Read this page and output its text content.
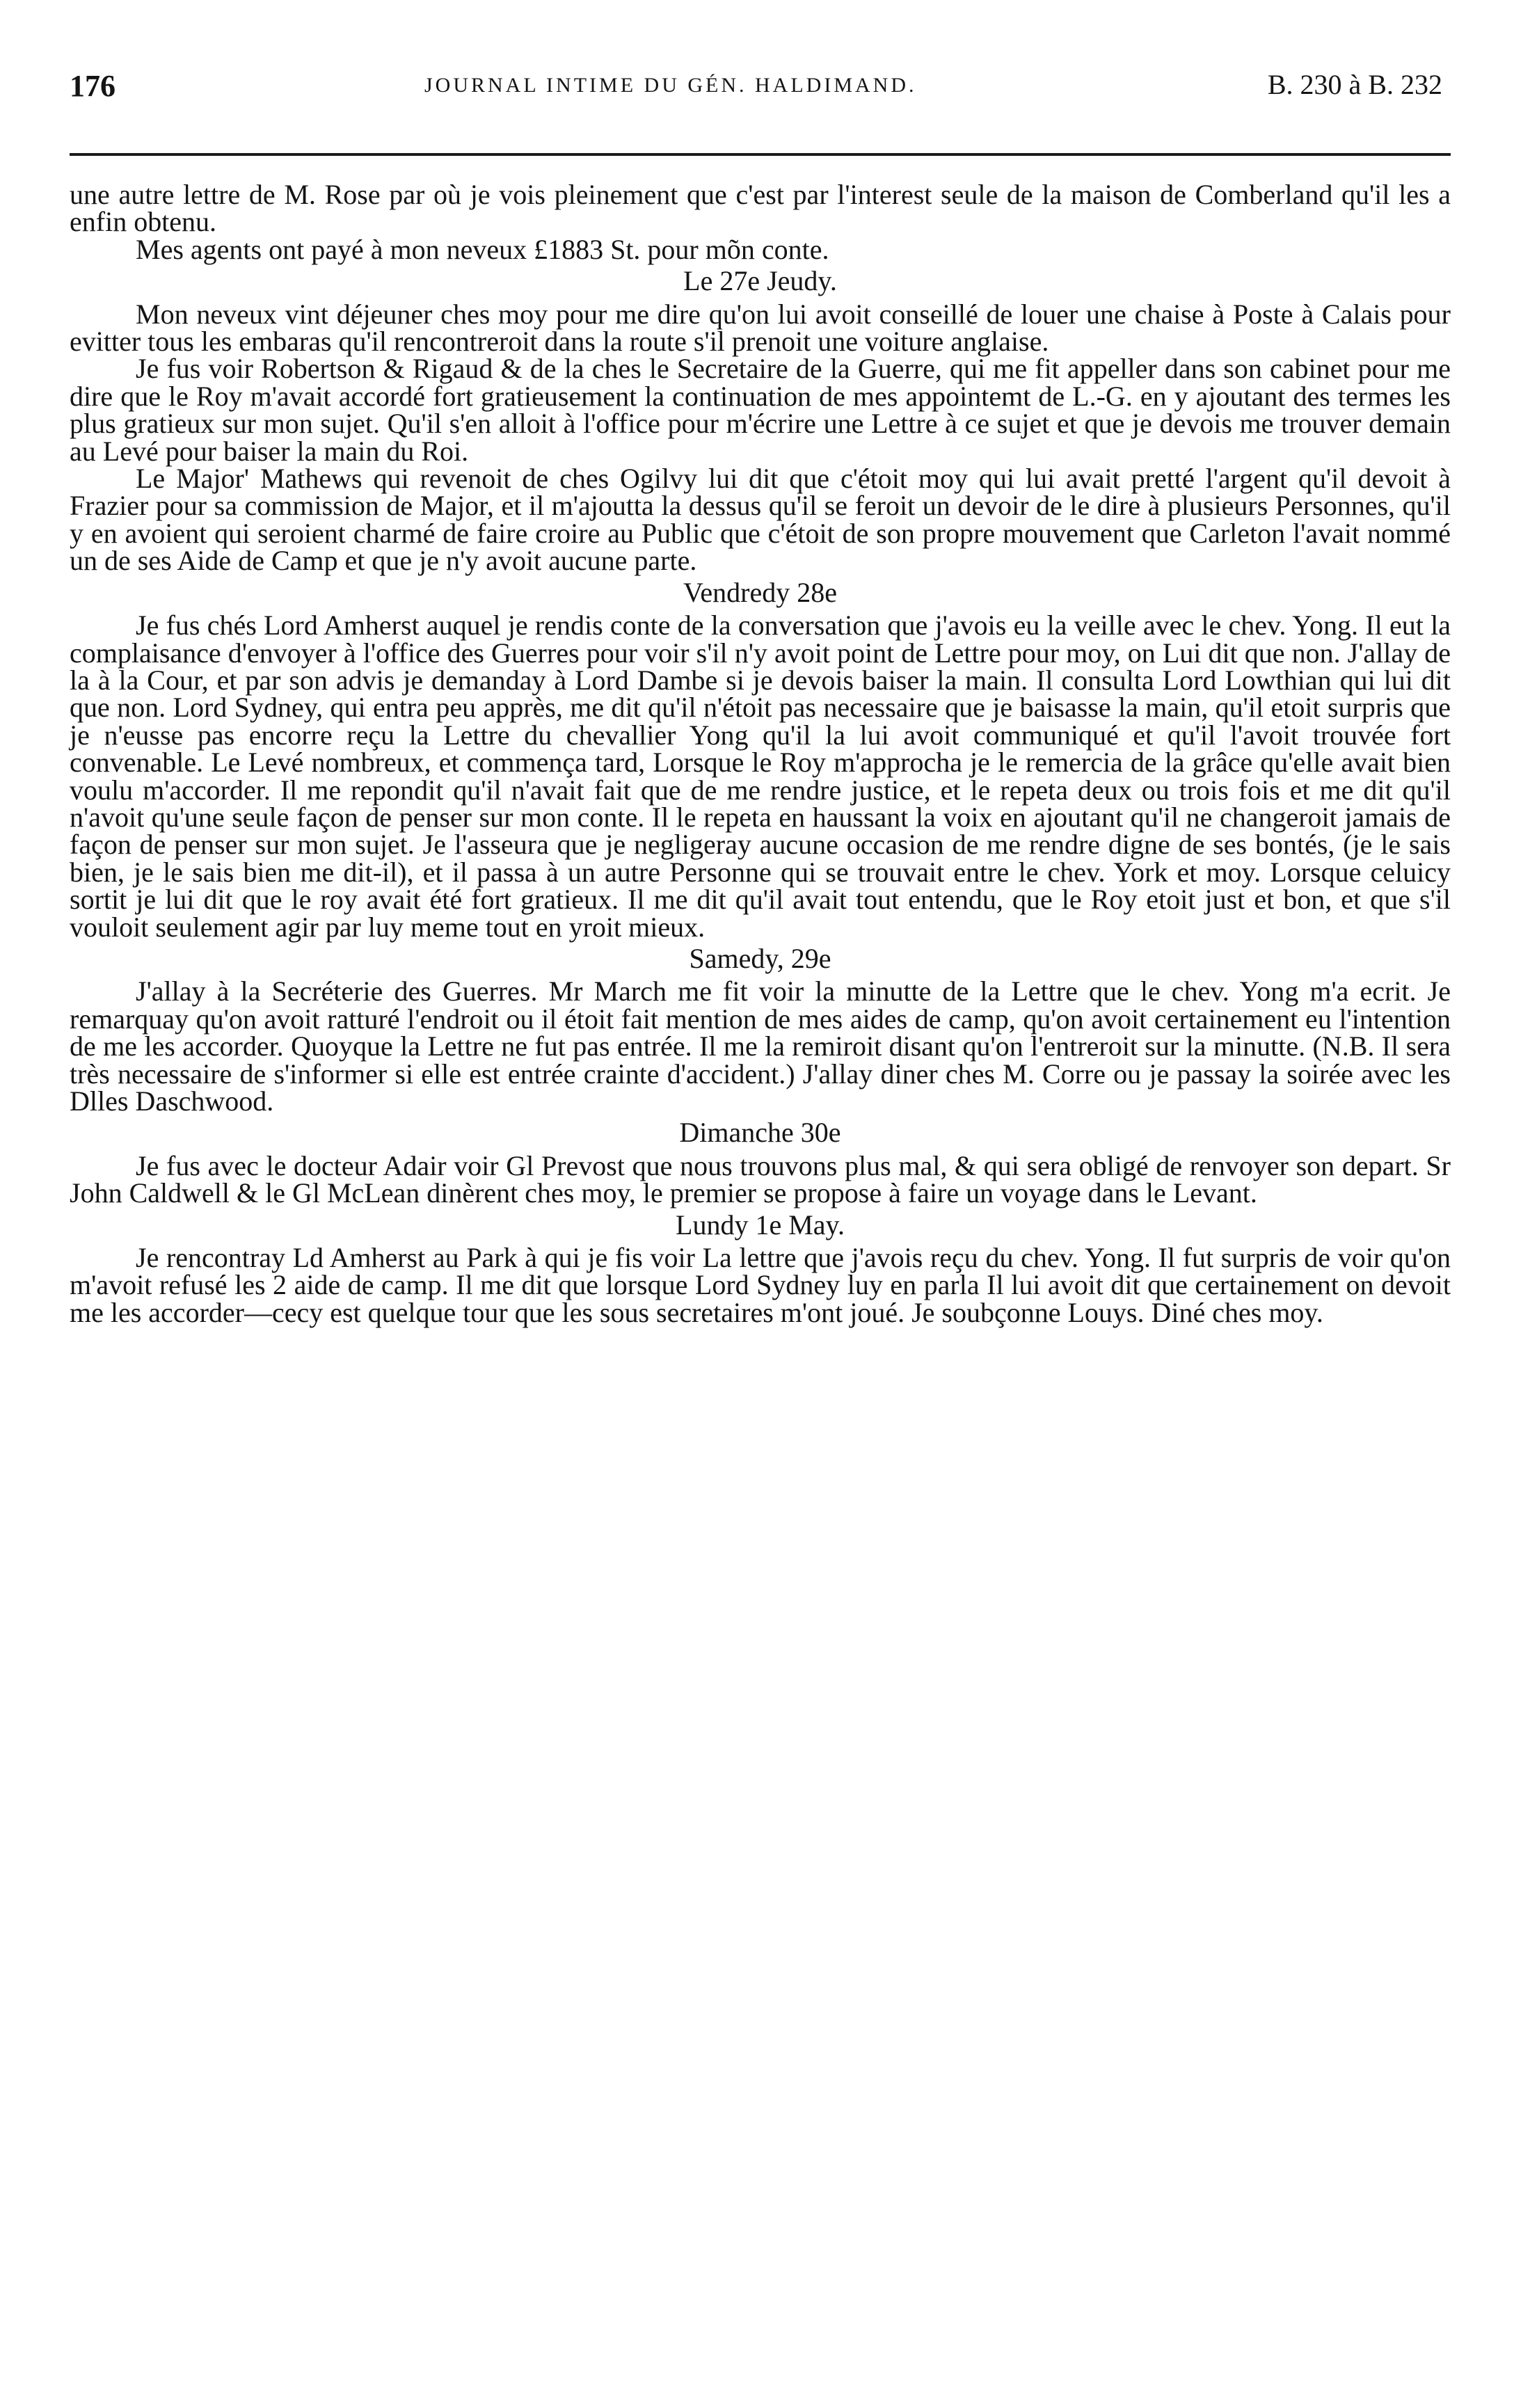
176	JOURNAL INTIME DU GÉN. HALDIMAND.	B. 230 à B. 232

une autre lettre de M. Rose par où je vois pleinement que c'est par l'interest seule de la maison de Comberland qu'il les a enfin obtenu.

Mes agents ont payé à mon neveux £1883 St. pour mõn conte.

Le 27e Jeudy.

Mon neveux vint déjeuner ches moy pour me dire qu'on lui avoit conseillé de louer une chaise à Poste à Calais pour evitter tous les embaras qu'il rencontreroit dans la route s'il prenoit une voiture anglaise.

Je fus voir Robertson & Rigaud & de la ches le Secretaire de la Guerre, qui me fit appeller dans son cabinet pour me dire que le Roy m'avait accordé fort gratieusement la continuation de mes appointemt de L.-G. en y ajoutant des termes les plus gratieux sur mon sujet. Qu'il s'en alloit à l'office pour m'écrire une Lettre à ce sujet et que je devois me trouver demain au Levé pour baiser la main du Roi.

Le Major' Mathews qui revenoit de ches Ogilvy lui dit que c'étoit moy qui lui avait pretté l'argent qu'il devoit à Frazier pour sa commission de Major, et il m'ajoutta la dessus qu'il se feroit un devoir de le dire à plusieurs Personnes, qu'il y en avoient qui seroient charmé de faire croire au Public que c'étoit de son propre mouvement que Carleton l'avait nommé un de ses Aide de Camp et que je n'y avoit aucune parte.

Vendredy 28e

Je fus chés Lord Amherst auquel je rendis conte de la conversation que j'avois eu la veille avec le chev. Yong. Il eut la complaisance d'envoyer à l'office des Guerres pour voir s'il n'y avoit point de Lettre pour moy, on Lui dit que non. J'allay de la à la Cour, et par son advis je demanday à Lord Dambe si je devois baiser la main. Il consulta Lord Lowthian qui lui dit que non. Lord Sydney, qui entra peu apprès, me dit qu'il n'étoit pas necessaire que je baisasse la main, qu'il etoit surpris que je n'eusse pas encorre reçu la Lettre du chevallier Yong qu'il la lui avoit communiqué et qu'il l'avoit trouvée fort convenable. Le Levé nombreux, et commença tard, Lorsque le Roy m'approcha je le remercia de la grâce qu'elle avait bien voulu m'accorder. Il me repondit qu'il n'avait fait que de me rendre justice, et le repeta deux ou trois fois et me dit qu'il n'avoit qu'une seule façon de penser sur mon conte. Il le repeta en haussant la voix en ajoutant qu'il ne changeroit jamais de façon de penser sur mon sujet. Je l'asseura que je negligeray aucune occasion de me rendre digne de ses bontés, (je le sais bien, je le sais bien me dit-il), et il passa à un autre Personne qui se trouvait entre le chev. York et moy. Lorsque celuicy sortit je lui dit que le roy avait été fort gratieux. Il me dit qu'il avait tout entendu, que le Roy etoit just et bon, et que s'il vouloit seulement agir par luy meme tout en yroit mieux.

Samedy, 29e

J'allay à la Secréterie des Guerres. Mr March me fit voir la minutte de la Lettre que le chev. Yong m'a ecrit. Je remarquay qu'on avoit ratturé l'endroit ou il étoit fait mention de mes aides de camp, qu'on avoit certainement eu l'intention de me les accorder. Quoyque la Lettre ne fut pas entrée. Il me la remiroit disant qu'on l'entreroit sur la minutte. (N.B. Il sera très necessaire de s'informer si elle est entrée crainte d'accident.) J'allay diner ches M. Corre ou je passay la soirée avec les Dlles Daschwood.

Dimanche 30e

Je fus avec le docteur Adair voir Gl Prevost que nous trouvons plus mal, & qui sera obligé de renvoyer son depart. Sr John Caldwell & le Gl McLean dinèrent ches moy, le premier se propose à faire un voyage dans le Levant.

Lundy 1e May.

Je rencontray Ld Amherst au Park à qui je fis voir La lettre que j'avois reçu du chev. Yong. Il fut surpris de voir qu'on m'avoit refusé les 2 aide de camp. Il me dit que lorsque Lord Sydney luy en parla Il lui avoit dit que certainement on devoit me les accorder—cecy est quelque tour que les sous secretaires m'ont joué. Je soubçonne Louys. Diné ches moy.
